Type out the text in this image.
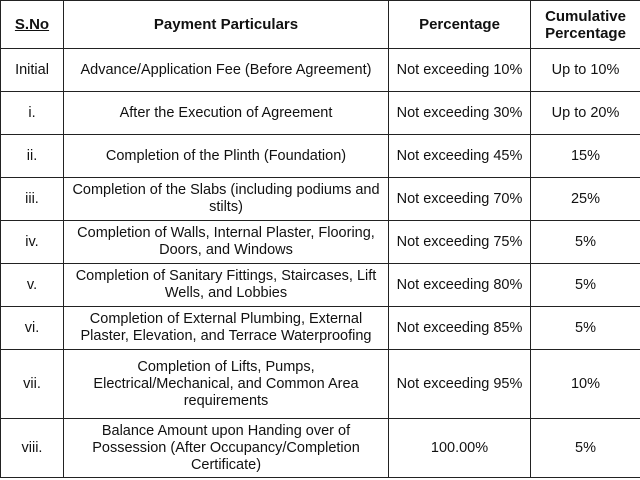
S.No	Payment Particulars	Percentage	Cumulative Percentage
Initial	Advance/Application Fee (Before Agreement)	Not exceeding 10%	Up to 10%
i.	After the Execution of Agreement	Not exceeding 30%	Up to 20%
ii.	Completion of the Plinth (Foundation)	Not exceeding 45%	15%
iii.	Completion of the Slabs (including podiums and stilts)	Not exceeding 70%	25%
iv.	Completion of Walls, Internal Plaster, Flooring, Doors, and Windows	Not exceeding 75%	5%
v.	Completion of Sanitary Fittings, Staircases, Lift Wells, and Lobbies	Not exceeding 80%	5%
vi.	Completion of External Plumbing, External Plaster, Elevation, and Terrace Waterproofing	Not exceeding 85%	5%
vii.	Completion of Lifts, Pumps, Electrical/Mechanical, and Common Area requirements	Not exceeding 95%	10%
viii.	Balance Amount upon Handing over of Possession (After Occupancy/Completion Certificate)	100.00%	5%
